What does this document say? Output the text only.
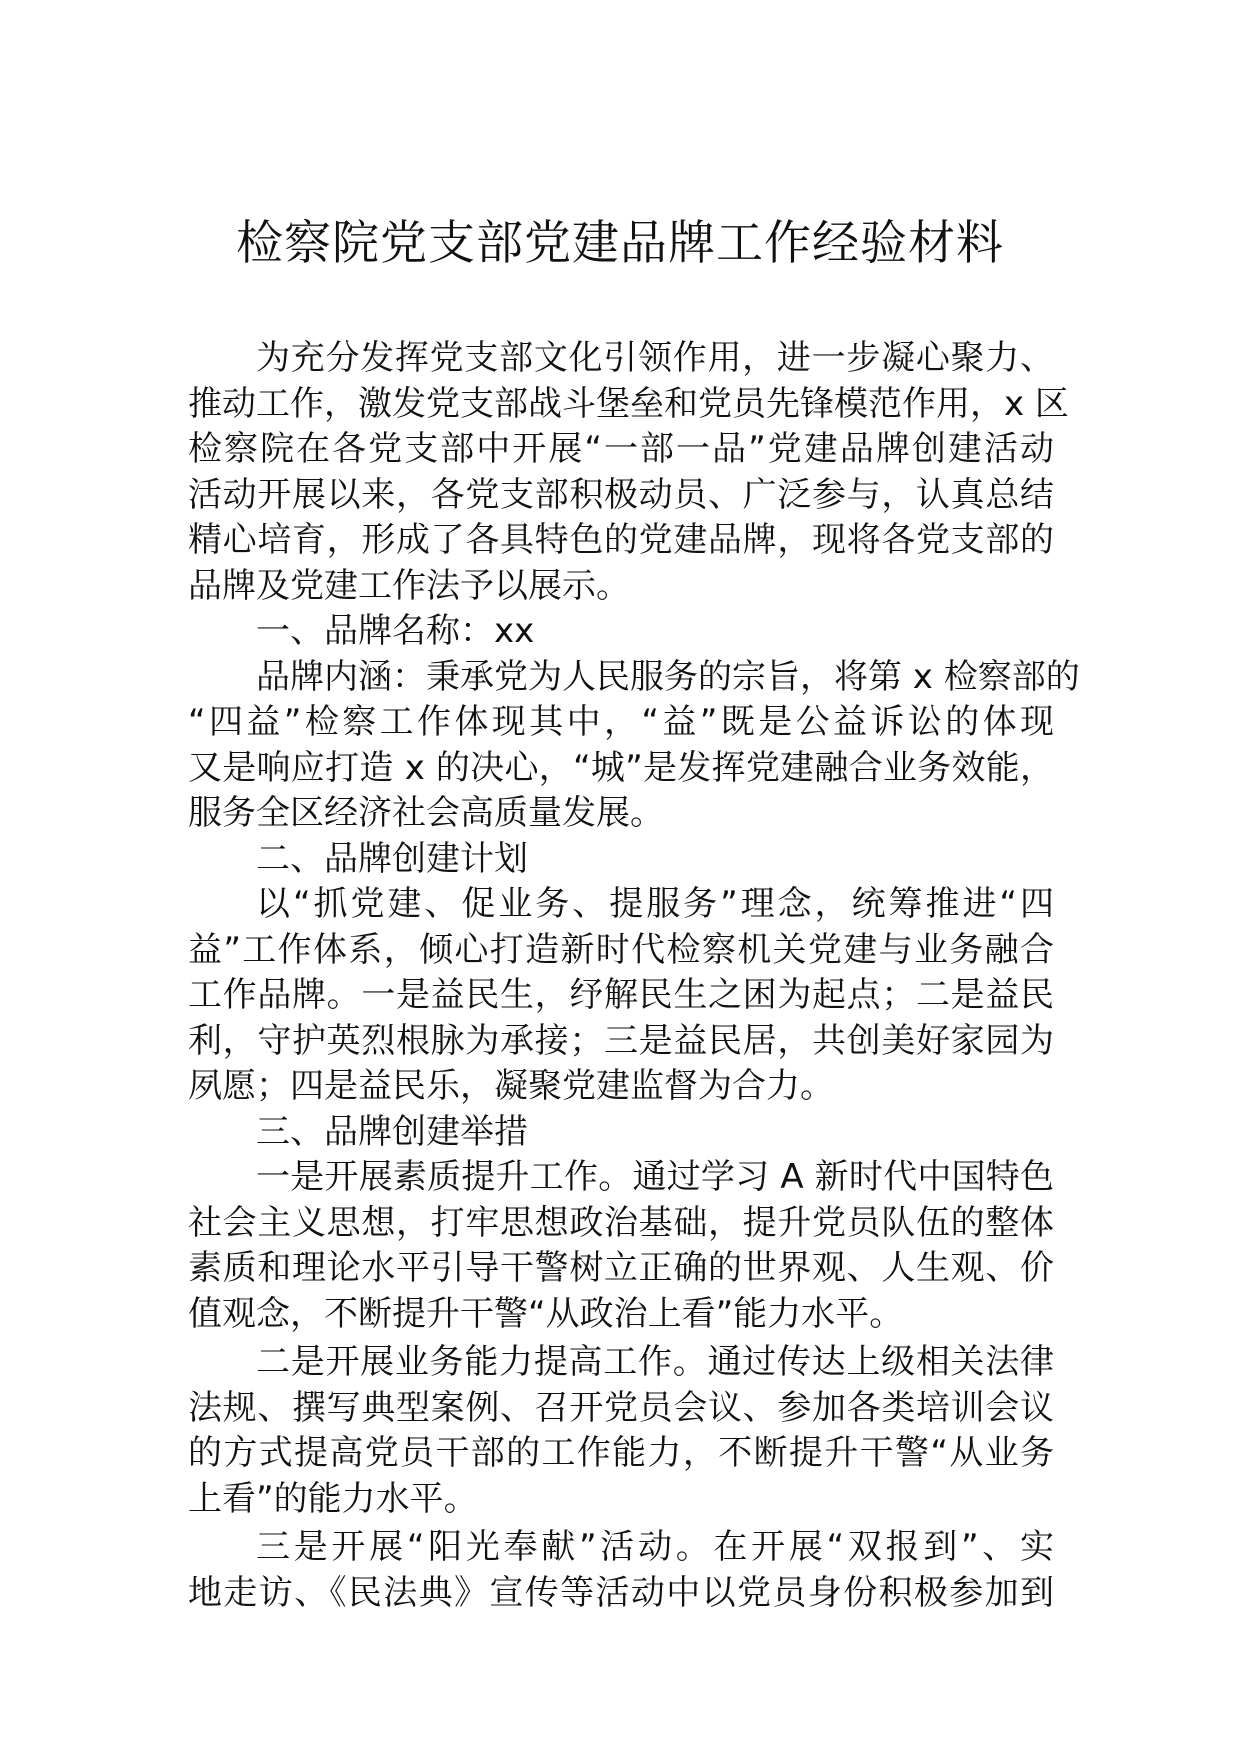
检察院党支部党建品牌工作经验材料
为充分发挥党支部文化引领作用，进一步凝心聚力、
推动工作，激发党支部战斗堡垒和党员先锋模范作用，x 区
检察院在各党支部中开展“一部一品”党建品牌创建活动
活动开展以来，各党支部积极动员、广泛参与，认真总结
精心培育，形成了各具特色的党建品牌，现将各党支部的
品牌及党建工作法予以展示。
一、品牌名称：xx
品牌内涵：秉承党为人民服务的宗旨，将第 x 检察部的
“四益”检察工作体现其中，“益”既是公益诉讼的体现
又是响应打造 x 的决心，“城”是发挥党建融合业务效能，
服务全区经济社会高质量发展。
二、品牌创建计划
以“抓党建、促业务、提服务”理念，统筹推进“四
益”工作体系，倾心打造新时代检察机关党建与业务融合
工作品牌。一是益民生，纾解民生之困为起点；二是益民
利，守护英烈根脉为承接；三是益民居，共创美好家园为
夙愿；四是益民乐，凝聚党建监督为合力。
三、品牌创建举措
一是开展素质提升工作。通过学习 A 新时代中国特色
社会主义思想，打牢思想政治基础，提升党员队伍的整体
素质和理论水平引导干警树立正确的世界观、人生观、价
值观念，不断提升干警“从政治上看”能力水平。
二是开展业务能力提高工作。通过传达上级相关法律
法规、撰写典型案例、召开党员会议、参加各类培训会议
的方式提高党员干部的工作能力，不断提升干警“从业务
上看”的能力水平。
三是开展“阳光奉献”活动。在开展“双报到”、实
地走访、《民法典》宣传等活动中以党员身份积极参加到
